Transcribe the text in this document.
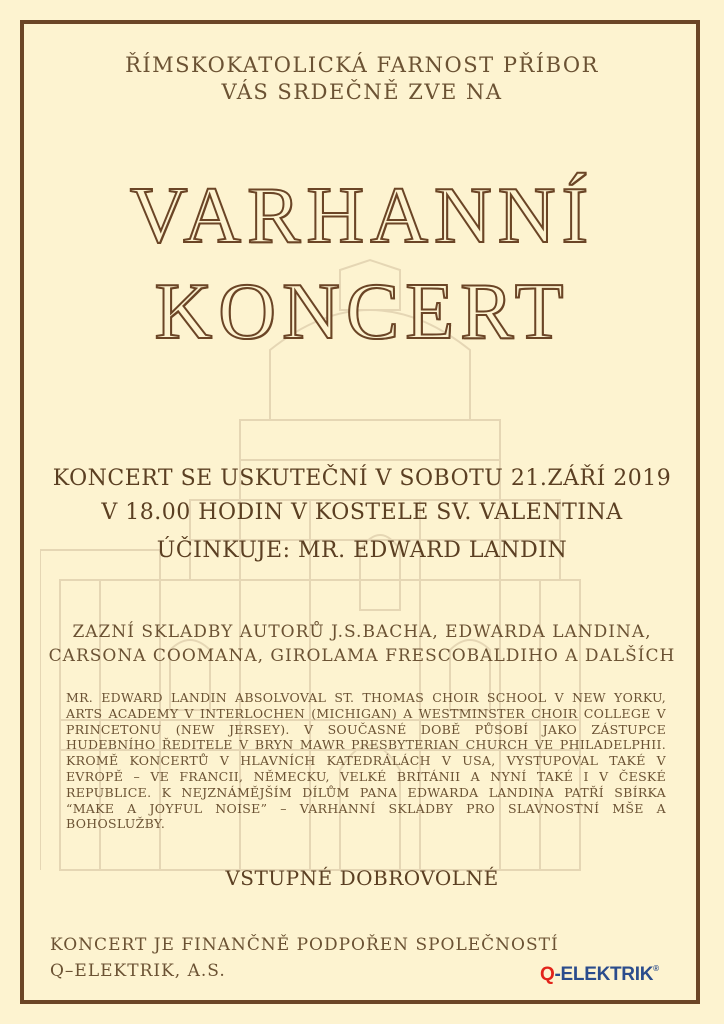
ŘÍMSKOKATOLICKÁ FARNOST PŘÍBOR
VÁS SRDEČNĚ ZVE NA
VARHANNÍ
KONCERT
KONCERT SE USKUTEČNÍ V SOBOTU 21.ZÁŘÍ 2019
V 18.00 HODIN V KOSTELE SV. VALENTINA
ÚČINKUJE: MR. EDWARD LANDIN
ZAZNÍ SKLADBY AUTORŮ J.S.BACHA, EDWARDA LANDINA,
CARSONA COOMANA, GIROLAMA FRESCOBALDIHO A DALŠÍCH
MR. EDWARD LANDIN ABSOLVOVAL ST. THOMAS CHOIR SCHOOL V NEW YORKU, ARTS ACADEMY V INTERLOCHEN (MICHIGAN) A WESTMINSTER CHOIR COLLEGE V PRINCETONU (NEW JERSEY). V SOUČASNÉ DOBĚ PŮSOBÍ JAKO ZÁSTUPCE HUDEBNÍHO ŘEDITELE V BRYN MAWR PRESBYTERIAN CHURCH VE PHILADELPHII. KROMĚ KONCERTŮ V HLAVNÍCH KATEDRÁLÁCH V USA, VYSTUPOVAL TAKÉ V EVROPĚ – VE FRANCII, NĚMECKU, VELKÉ BRITÁNII A NYNÍ TAKÉ I V ČESKÉ REPUBLICE. K NEJZNÁMĚJŠÍM DÍLŮM PANA EDWARDA LANDINA PATŘÍ SBÍRKA “MAKE A JOYFUL NOISE” – VARHANNÍ SKLADBY PRO SLAVNOSTNÍ MŠE A BOHOSLUŽBY.
VSTUPNÉ DOBROVOLNÉ
KONCERT JE FINANČNĚ PODPOŘEN SPOLEČNOSTÍ
Q–ELEKTRIK, A.S.	Q-ELEKTRIK®
